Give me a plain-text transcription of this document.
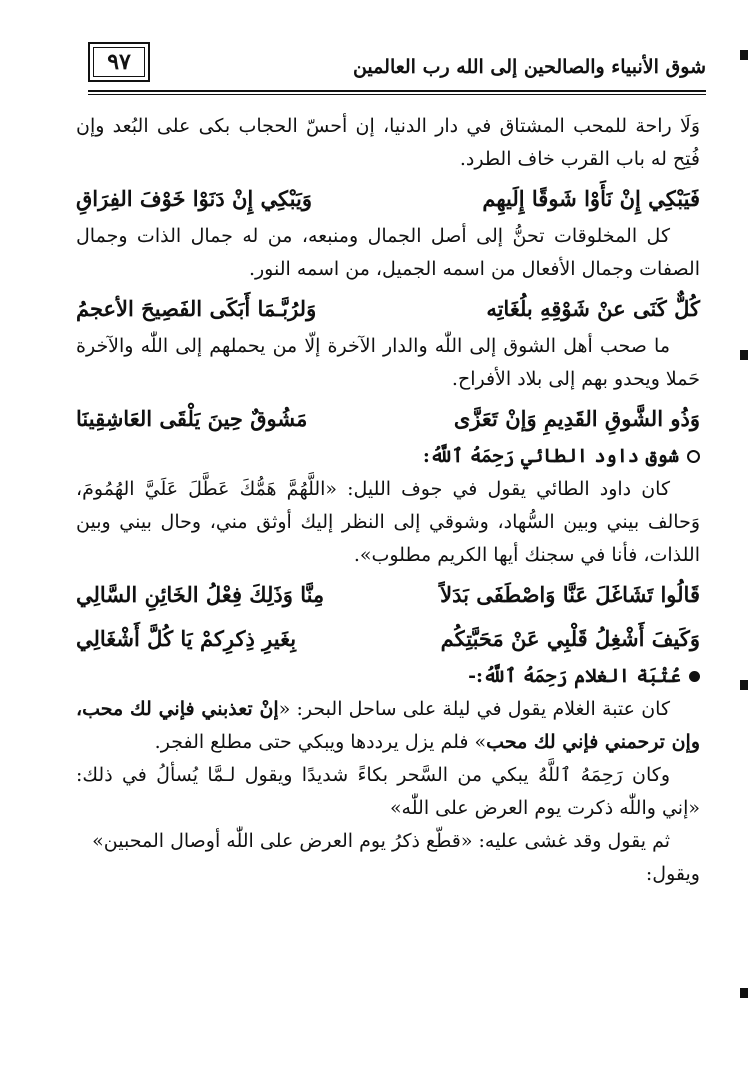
٩٧	شوق الأنبياء والصالحين إلى الله رب العالمين

وَلَا راحة للمحب المشتاق في دار الدنيا، إن أحسّ الحجاب بكى على البُعد وإن فُتِح له باب القرب خاف الطرد.

فَيَبْكِي إِنْ نَأَوْا شَوقًا إِلَيهِم
وَيَبْكِي إِنْ دَنَوْا خَوْفَ الفِرَاقِ

كل المخلوقات تحنُّ إلى أصل الجمال ومنبعه، من له جمال الذات وجمال الصفات وجمال الأفعال من اسمه الجميل، من اسمه النور.

كُلٌّ كَنَى عنْ شَوْقِهِ بلُغَاتِه
وَلرُبَّـمَا أَبَكَى الفَصِيحَ الأعجمُ

ما صحب أهل الشوق إلى اللّٰه والدار الآخرة إلّا من يحملهم إلى اللّٰه والآخرة حَملا ويحدو بهم إلى بلاد الأفراح.

وَذُو الشَّوقِ القَدِيمِ وَإنْ تَعَزَّى
مَشُوقٌ حِينَ يَلْقَى العَاشِقِينَا
شوق داود الطائي رَحِمَهُ ٱللَّهُ:

كان داود الطائي يقول في جوف الليل: «اللَّهُمَّ هَمُّكَ عَطَّلَ عَلَيَّ الهُمُومَ، وَحالف بيني وبين السُّهاد، وشوقي إلى النظر إليك أوثق مني، وحال بيني وبين اللذات، فأنا في سجنك أيها الكريم مطلوب».

قَالُوا تَشَاغَلَ عَنَّا وَاصْطَفَى بَدَلاً
مِنَّا وَذَلِكَ فِعْلُ الخَائِنِ السَّالِي
وَكَيفَ أَشْغِلُ قَلْبِي عَنْ مَحَبَّتِكُم
بِغَيرِ ذِكرِكمْ يَا كُلَّ أَشْغَالِي
عُتْبَة الغلام رَحِمَهُ ٱللَّهُ:-

كان عتبة الغلام يقول في ليلة على ساحل البحر: «إنْ تعذبني فإني لك محب، وإن ترحمني فإني لك محب» فلم يزل يرددها ويبكي حتى مطلع الفجر.

وكان رَحِمَهُ ٱللَّهُ يبكي من السَّحر بكاءً شديدًا ويقول لـمَّا يُسألُ في ذلك: «إني واللّٰه ذكرت يوم العرض على اللّٰه»

ثم يقول وقد غشى عليه: «قطّع ذكرُ يوم العرض على اللّٰه أوصال المحبين»

ويقول:
